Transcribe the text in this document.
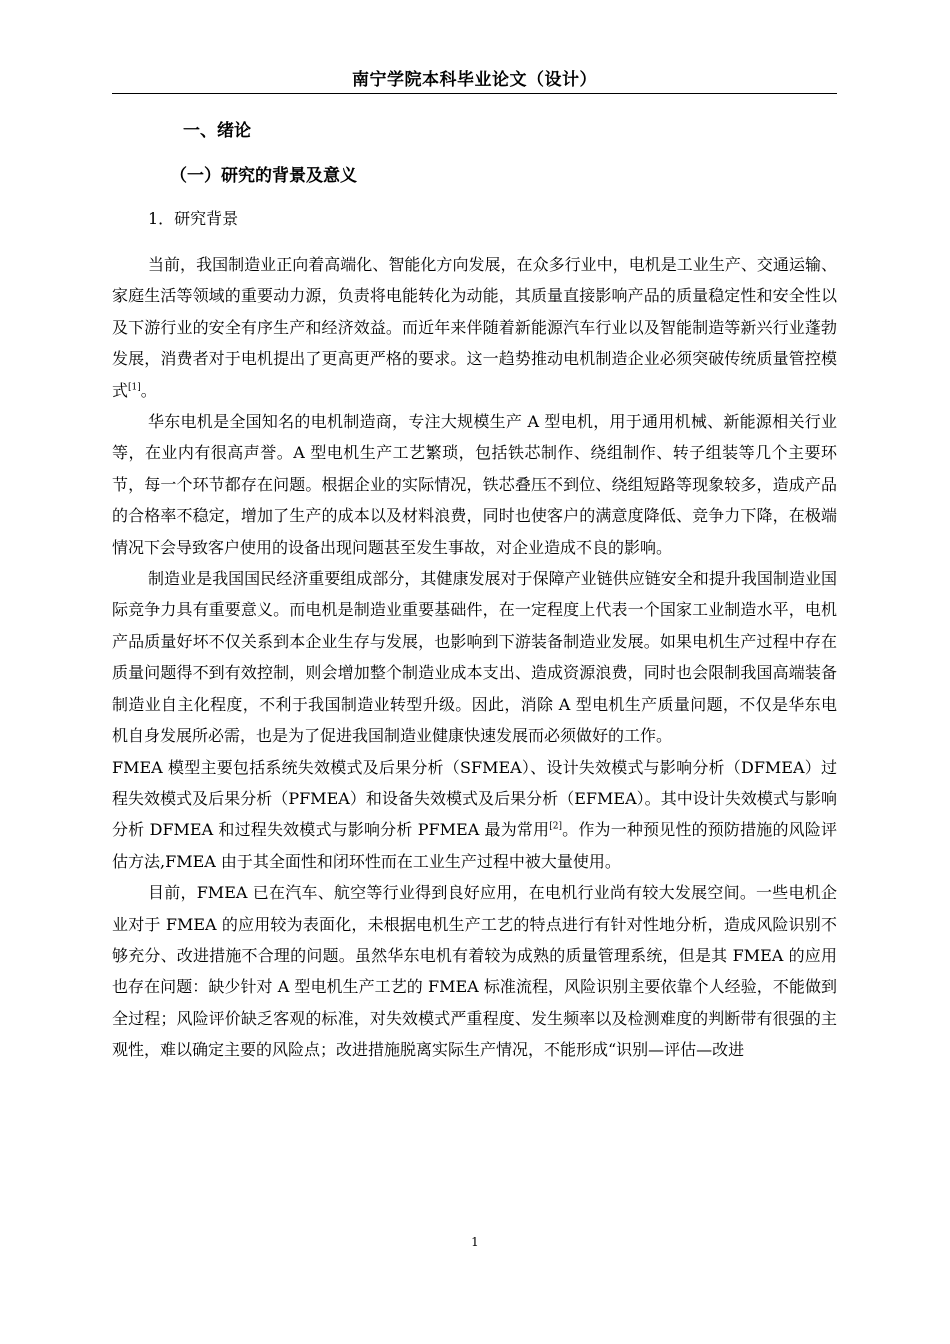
南宁学院本科毕业论文（设计）
一、绪论
（一）研究的背景及意义
1．研究背景

当前，我国制造业正向着高端化、智能化方向发展，在众多行业中，电机是工业生产、交通运输、家庭生活等领域的重要动力源，负责将电能转化为动能，其质量直接影响产品的质量稳定性和安全性以及下游行业的安全有序生产和经济效益。而近年来伴随着新能源汽车行业以及智能制造等新兴行业蓬勃发展，消费者对于电机提出了更高更严格的要求。这一趋势推动电机制造企业必须突破传统质量管控模式[1]。

华东电机是全国知名的电机制造商，专注大规模生产 A 型电机，用于通用机械、新能源相关行业等，在业内有很高声誉。A 型电机生产工艺繁琐，包括铁芯制作、绕组制作、转子组装等几个主要环节，每一个环节都存在问题。根据企业的实际情况，铁芯叠压不到位、绕组短路等现象较多，造成产品的合格率不稳定，增加了生产的成本以及材料浪费，同时也使客户的满意度降低、竞争力下降，在极端情况下会导致客户使用的设备出现问题甚至发生事故，对企业造成不良的影响。

制造业是我国国民经济重要组成部分，其健康发展对于保障产业链供应链安全和提升我国制造业国际竞争力具有重要意义。而电机是制造业重要基础件，在一定程度上代表一个国家工业制造水平，电机产品质量好坏不仅关系到本企业生存与发展，也影响到下游装备制造业发展。如果电机生产过程中存在质量问题得不到有效控制，则会增加整个制造业成本支出、造成资源浪费，同时也会限制我国高端装备制造业自主化程度，不利于我国制造业转型升级。因此，消除 A 型电机生产质量问题，不仅是华东电机自身发展所必需，也是为了促进我国制造业健康快速发展而必须做好的工作。

FMEA 模型主要包括系统失效模式及后果分析（SFMEA）、设计失效模式与影响分析（DFMEA）过程失效模式及后果分析（PFMEA）和设备失效模式及后果分析（EFMEA）。其中设计失效模式与影响分析 DFMEA 和过程失效模式与影响分析 PFMEA 最为常用[2]。作为一种预见性的预防措施的风险评估方法,FMEA 由于其全面性和闭环性而在工业生产过程中被大量使用。

目前，FMEA 已在汽车、航空等行业得到良好应用，在电机行业尚有较大发展空间。一些电机企业对于 FMEA 的应用较为表面化，未根据电机生产工艺的特点进行有针对性地分析，造成风险识别不够充分、改进措施不合理的问题。虽然华东电机有着较为成熟的质量管理系统，但是其 FMEA 的应用也存在问题：缺少针对 A 型电机生产工艺的 FMEA 标准流程，风险识别主要依靠个人经验，不能做到全过程；风险评价缺乏客观的标准，对失效模式严重程度、发生频率以及检测难度的判断带有很强的主观性，难以确定主要的风险点；改进措施脱离实际生产情况，不能形成“识别—评估—改进

1
